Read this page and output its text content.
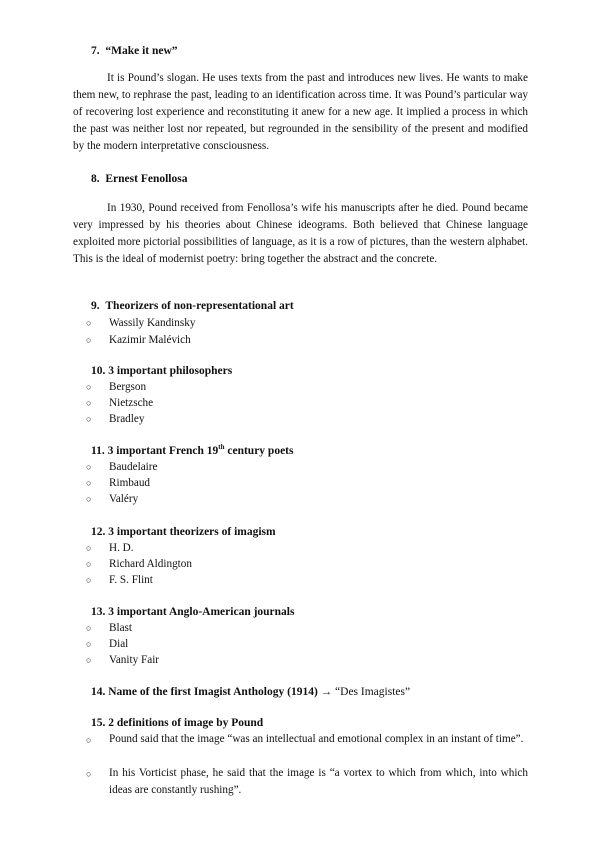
7.  “Make it new”

It is Pound’s slogan. He uses texts from the past and introduces new lives. He wants to make them new, to rephrase the past, leading to an identification across time. It was Pound’s particular way of recovering lost experience and reconstituting it anew for a new age. It implied a process in which the past was neither lost nor repeated, but regrounded in the sensibility of the present and modified by the modern interpretative consciousness.

8.  Ernest Fenollosa

In 1930, Pound received from Fenollosa’s wife his manuscripts after he died. Pound became very impressed by his theories about Chinese ideograms. Both believed that Chinese language exploited more pictorial possibilities of language, as it is a row of pictures, than the western alphabet. This is the ideal of modernist poetry: bring together the abstract and the concrete.

9.  Theorizers of non-representational art
○ Wassily Kandinsky
○ Kazimir Malévich
10. 3 important philosophers
○ Bergson
○ Nietzsche
○ Bradley
11. 3 important French 19th century poets
○ Baudelaire
○ Rimbaud
○ Valéry
12. 3 important theorizers of imagism
○ H. D.
○ Richard Aldington
○ F. S. Flint
13. 3 important Anglo-American journals
○ Blast
○ Dial
○ Vanity Fair
14. Name of the first Imagist Anthology (1914) → “Des Imagistes”
15. 2 definitions of image by Pound
○ Pound said that the image “was an intellectual and emotional complex in an instant of time”.
○ In his Vorticist phase, he said that the image is “a vortex to which from which, into which ideas are constantly rushing”.
